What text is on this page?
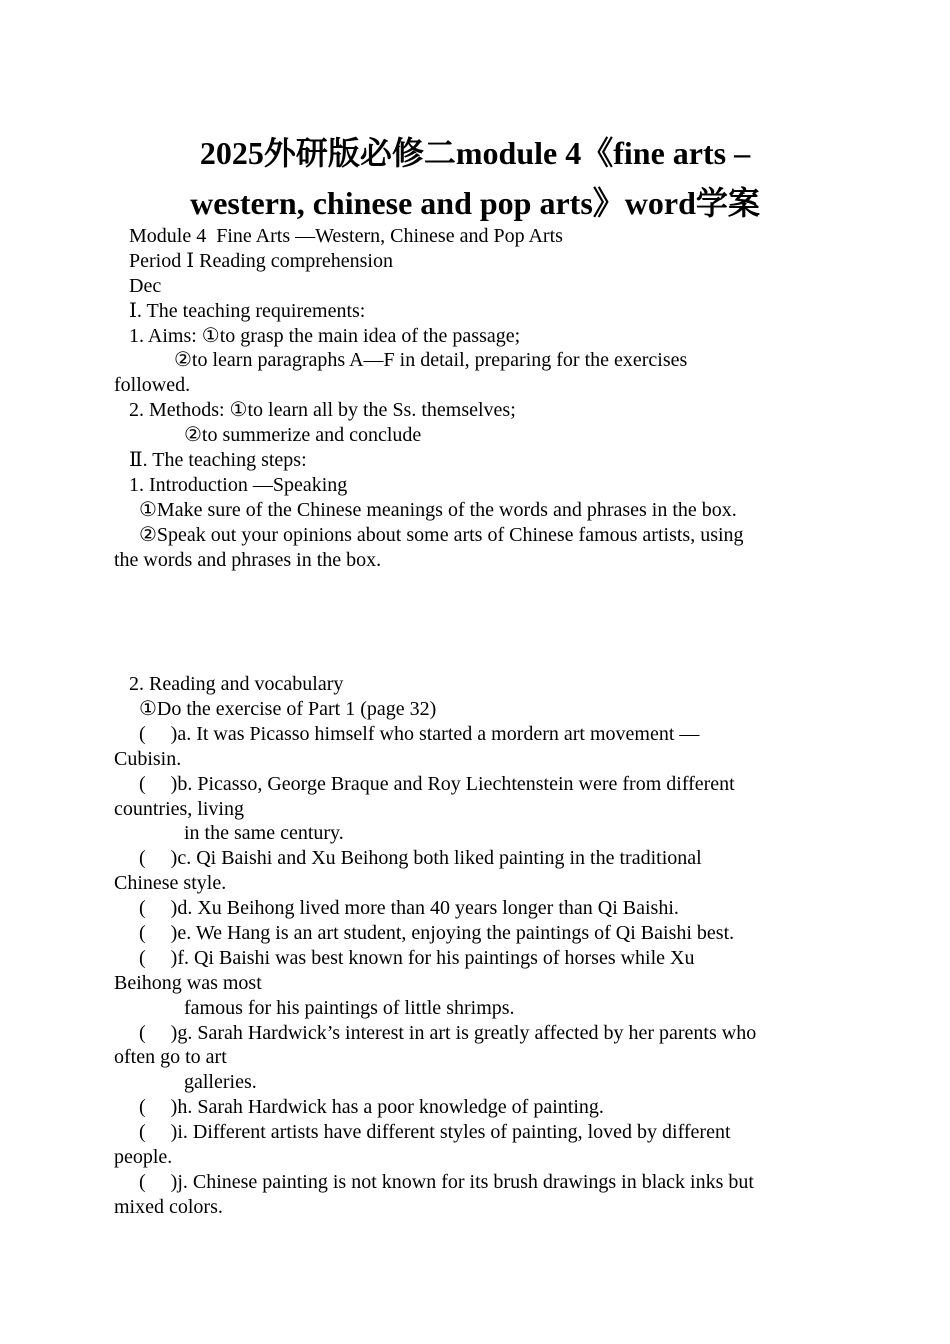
2025外研版必修二module 4《fine arts –
western, chinese and pop arts》word学案
Module 4  Fine Arts —Western, Chinese and Pop Arts
Period Ⅰ Reading comprehension
Dec
Ⅰ. The teaching requirements:
1. Aims: ①to grasp the main idea of the passage;
②to learn paragraphs A—F in detail, preparing for the exercises
followed.
2. Methods: ①to learn all by the Ss. themselves;
②to summerize and conclude
Ⅱ. The teaching steps:
1. Introduction —Speaking
①Make sure of the Chinese meanings of the words and phrases in the box.
②Speak out your opinions about some arts of Chinese famous artists, using
the words and phrases in the box.
2. Reading and vocabulary
①Do the exercise of Part 1 (page 32)
(     )a. It was Picasso himself who started a mordern art movement —
Cubisin.
(     )b. Picasso, George Braque and Roy Liechtenstein were from different
countries, living
in the same century.
(     )c. Qi Baishi and Xu Beihong both liked painting in the traditional
Chinese style.
(     )d. Xu Beihong lived more than 40 years longer than Qi Baishi.
(     )e. We Hang is an art student, enjoying the paintings of Qi Baishi best.
(     )f. Qi Baishi was best known for his paintings of horses while Xu
Beihong was most
famous for his paintings of little shrimps.
(     )g. Sarah Hardwick’s interest in art is greatly affected by her parents who
often go to art
galleries.
(     )h. Sarah Hardwick has a poor knowledge of painting.
(     )i. Different artists have different styles of painting, loved by different
people.
(     )j. Chinese painting is not known for its brush drawings in black inks but
mixed colors.
